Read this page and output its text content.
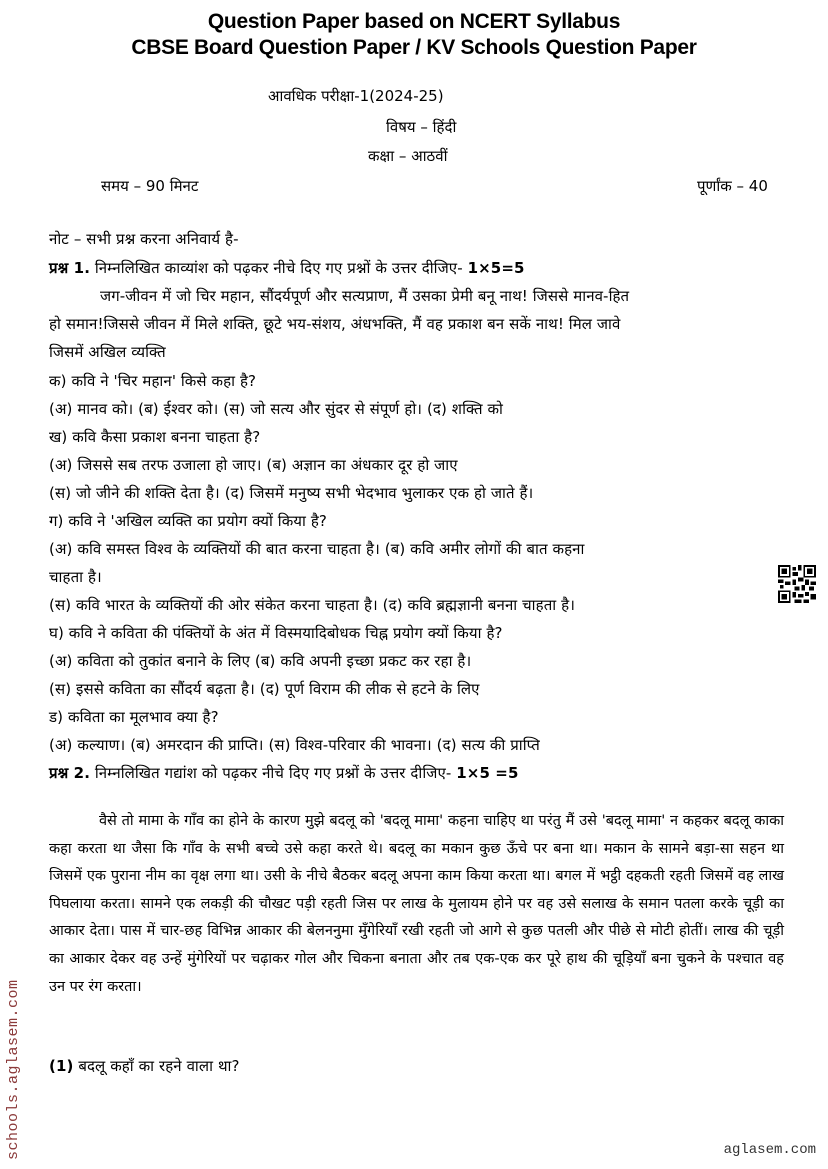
Question Paper based on NCERT Syllabus
CBSE Board Question Paper / KV Schools Question Paper
आवधिक परीक्षा-1(2024-25)
विषय – हिंदी
कक्षा – आठवीं
समय – 90 मिनट	पूर्णांक – 40
नोट – सभी प्रश्न करना अनिवार्य है-
प्रश्न 1. निम्नलिखित काव्यांश को पढ़कर नीचे दिए गए प्रश्नों के उत्तर दीजिए- 1×5=5
जग-जीवन में जो चिर महान, सौंदर्यपूर्ण और सत्यप्राण, मैं उसका प्रेमी बनू नाथ! जिससे मानव-हित
हो समान!जिससे जीवन में मिले शक्ति, छूटे भय-संशय, अंधभक्ति, मैं वह प्रकाश बन सकें नाथ! मिल जावे
जिसमें अखिल व्यक्ति
क) कवि ने 'चिर महान' किसे कहा है?
(अ) मानव को। (ब) ईश्वर को। (स) जो सत्य और सुंदर से संपूर्ण हो। (द) शक्ति को
ख) कवि कैसा प्रकाश बनना चाहता है?
(अ) जिससे सब तरफ उजाला हो जाए। (ब) अज्ञान का अंधकार दूर हो जाए
(स) जो जीने की शक्ति देता है। (द) जिसमें मनुष्य सभी भेदभाव भुलाकर एक हो जाते हैं।
ग) कवि ने 'अखिल व्यक्ति का प्रयोग क्यों किया है?
(अ) कवि समस्त विश्व के व्यक्तियों की बात करना चाहता है। (ब) कवि अमीर लोगों की बात कहना
चाहता है।
(स) कवि भारत के व्यक्तियों की ओर संकेत करना चाहता है। (द) कवि ब्रह्मज्ञानी बनना चाहता है।
घ) कवि ने कविता की पंक्तियों के अंत में विस्मयादिबोधक चिह्न प्रयोग क्यों किया है?
(अ) कविता को तुकांत बनाने के लिए (ब) कवि अपनी इच्छा प्रकट कर रहा है।
(स) इससे कविता का सौंदर्य बढ़ता है। (द) पूर्ण विराम की लीक से हटने के लिए
ड) कविता का मूलभाव क्या है?
(अ) कल्याण। (ब) अमरदान की प्राप्ति। (स) विश्व-परिवार की भावना। (द) सत्य की प्राप्ति
प्रश्न 2. निम्नलिखित गद्यांश को पढ़कर नीचे दिए गए प्रश्नों के उत्तर दीजिए- 1×5 =5
वैसे तो मामा के गाँव का होने के कारण मुझे बदलू को 'बदलू मामा' कहना चाहिए था परंतु मैं उसे 'बदलू मामा' न कहकर बदलू काका कहा करता था जैसा कि गाँव के सभी बच्चे उसे कहा करते थे। बदलू का मकान कुछ ऊँचे पर बना था। मकान के सामने बड़ा-सा सहन था जिसमें एक पुराना नीम का वृक्ष लगा था। उसी के नीचे बैठकर बदलू अपना काम किया करता था। बगल में भट्ठी दहकती रहती जिसमें वह लाख पिघलाया करता। सामने एक लकड़ी की चौखट पड़ी रहती जिस पर लाख के मुलायम होने पर वह उसे सलाख के समान पतला करके चूड़ी का आकार देता। पास में चार-छह विभिन्न आकार की बेलननुमा मुँगेरियाँ रखी रहती जो आगे से कुछ पतली और पीछे से मोटी होतीं। लाख की चूड़ी का आकार देकर वह उन्हें मुंगेरियों पर चढ़ाकर गोल और चिकना बनाता और तब एक-एक कर पूरे हाथ की चूड़ियाँ बना चुकने के पश्चात वह उन पर रंग करता।
(1) बदलू कहाँ का रहने वाला था?
schools.aglasem.com	aglasem.com
